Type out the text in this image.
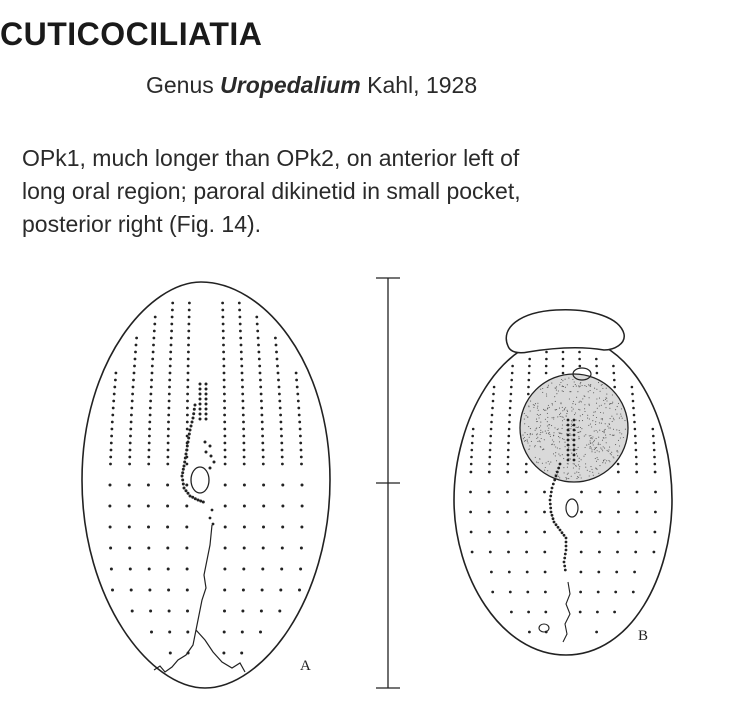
CUTICOCILIATIA

Genus Uropedalium Kahl, 1928

OPk1, much longer than OPk2, on anterior left of
long oral region; paroral dikinetid in small pocket,
posterior right (Fig. 14).

A
B
